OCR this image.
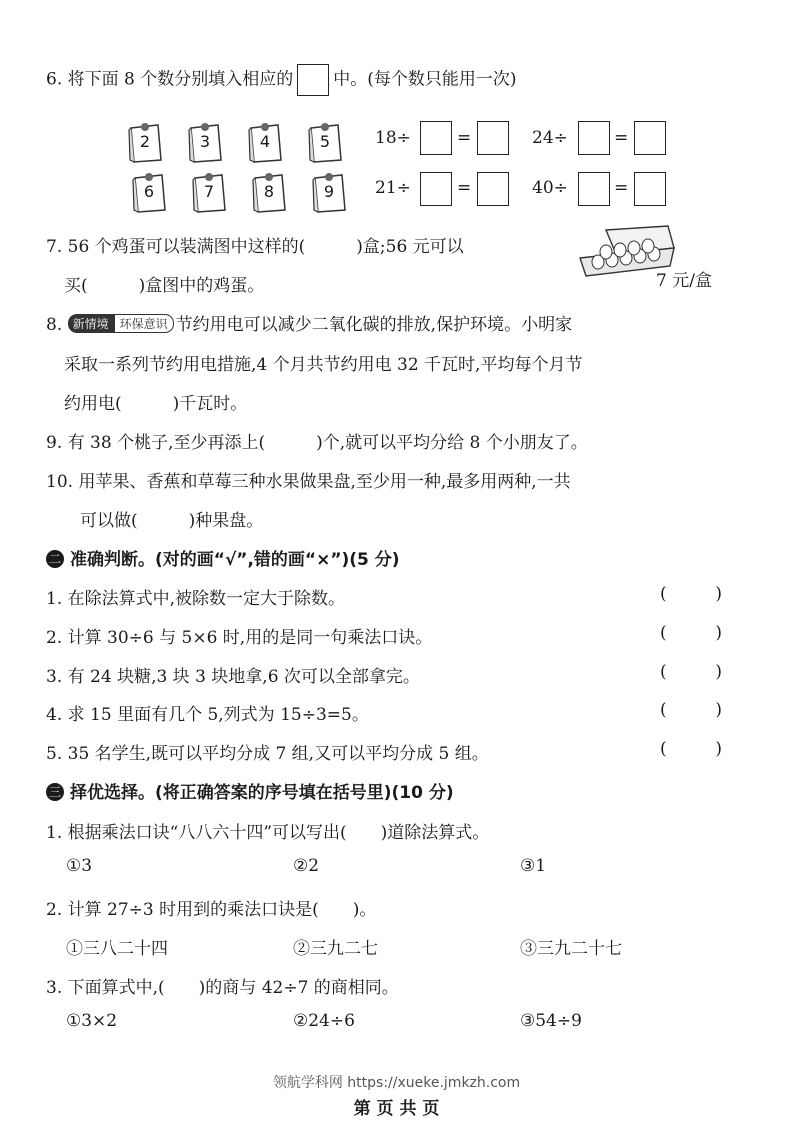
6. 将下面 8 个数分别填入相应的 中。(每个数只能用一次)
2	3	4	5
6	7	8	9
18÷	=	24÷	=
21÷	=	40÷	=
7. 56 个鸡蛋可以装满图中这样的(　　　)盒;56 元可以
买(　　　)盒图中的鸡蛋。	7 元/盒
8. 新情境 环保意识 节约用电可以减少二氧化碳的排放,保护环境。小明家
采取一系列节约用电措施,4 个月共节约用电 32 千瓦时,平均每个月节
约用电(　　　)千瓦时。
9. 有 38 个桃子,至少再添上(　　　)个,就可以平均分给 8 个小朋友了。
10. 用苹果、香蕉和草莓三种水果做果盘,至少用一种,最多用两种,一共
可以做(　　　)种果盘。
二 准确判断。(对的画“√”,错的画“×”)(5 分)
1. 在除法算式中,被除数一定大于除数。	(	)
2. 计算 30÷6 与 5×6 时,用的是同一句乘法口诀。	(	)
3. 有 24 块糖,3 块 3 块地拿,6 次可以全部拿完。	(	)
4. 求 15 里面有几个 5,列式为 15÷3=5。	(	)
5. 35 名学生,既可以平均分成 7 组,又可以平均分成 5 组。	(	)
三 择优选择。(将正确答案的序号填在括号里)(10 分)
1. 根据乘法口诀“八八六十四”可以写出(　　)道除法算式。
①3	②2	③1
2. 计算 27÷3 时用到的乘法口诀是(　　)。
①三八二十四	②三九二七	③三九二十七
3. 下面算式中,(　　)的商与 42÷7 的商相同。
①3×2	②24÷6	③54÷9
领航学科网 https://xueke.jmkzh.com
第 页 共 页
